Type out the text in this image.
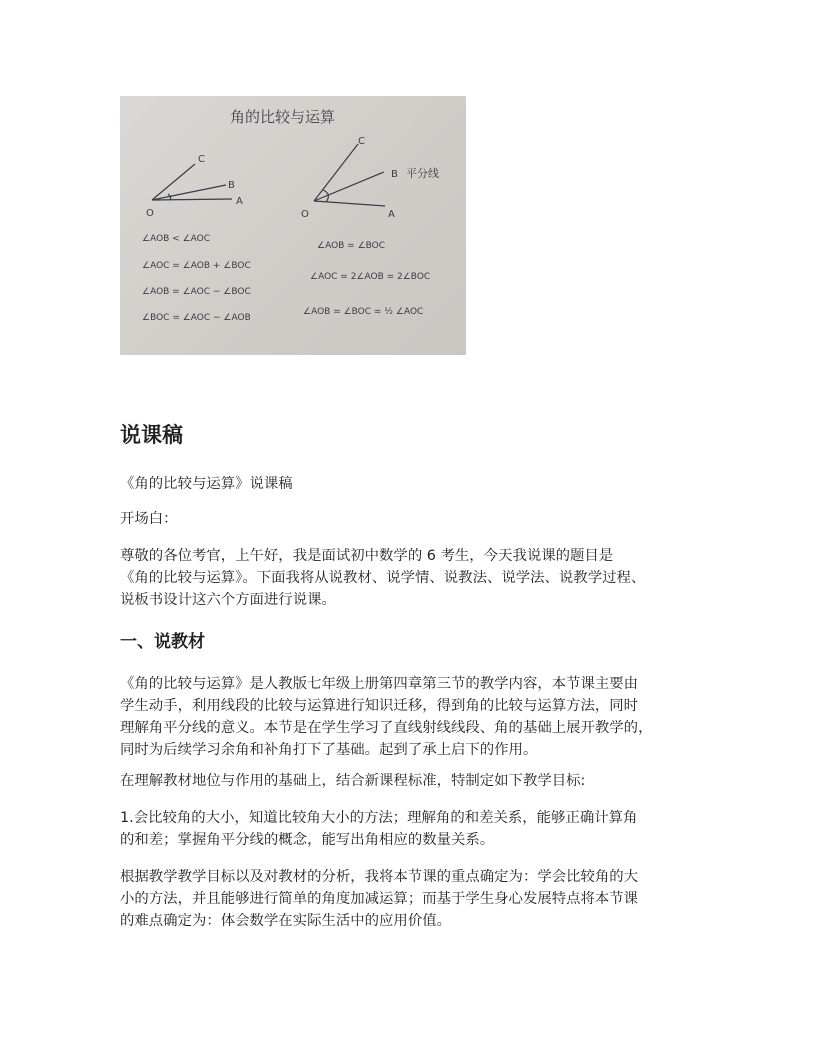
角的比较与运算
C
B
A
O
C
B
A
O
平分线
∠AOB < ∠AOC
∠AOC = ∠AOB + ∠BOC
∠AOB = ∠AOC − ∠BOC
∠BOC = ∠AOC − ∠AOB
∠AOB = ∠BOC
∠AOC = 2∠AOB = 2∠BOC
∠AOB = ∠BOC = ½ ∠AOC
说课稿

《角的比较与运算》说课稿

开场白：

尊敬的各位考官，上午好，我是面试初中数学的 6 考生，今天我说课的题目是
《角的比较与运算》。下面我将从说教材、说学情、说教法、说学法、说教学过程、
说板书设计这六个方面进行说课。

一、说教材

《角的比较与运算》是人教版七年级上册第四章第三节的教学内容，本节课主要由
学生动手，利用线段的比较与运算进行知识迁移，得到角的比较与运算方法，同时
理解角平分线的意义。本节是在学生学习了直线射线线段、角的基础上展开教学的，
同时为后续学习余角和补角打下了基础。起到了承上启下的作用。

在理解教材地位与作用的基础上，结合新课程标准，特制定如下教学目标:

1.会比较角的大小，知道比较角大小的方法；理解角的和差关系，能够正确计算角
的和差；掌握角平分线的概念，能写出角相应的数量关系。

根据教学教学目标以及对教材的分析，我将本节课的重点确定为：学会比较角的大
小的方法，并且能够进行简单的角度加减运算；而基于学生身心发展特点将本节课
的难点确定为：体会数学在实际生活中的应用价值。
